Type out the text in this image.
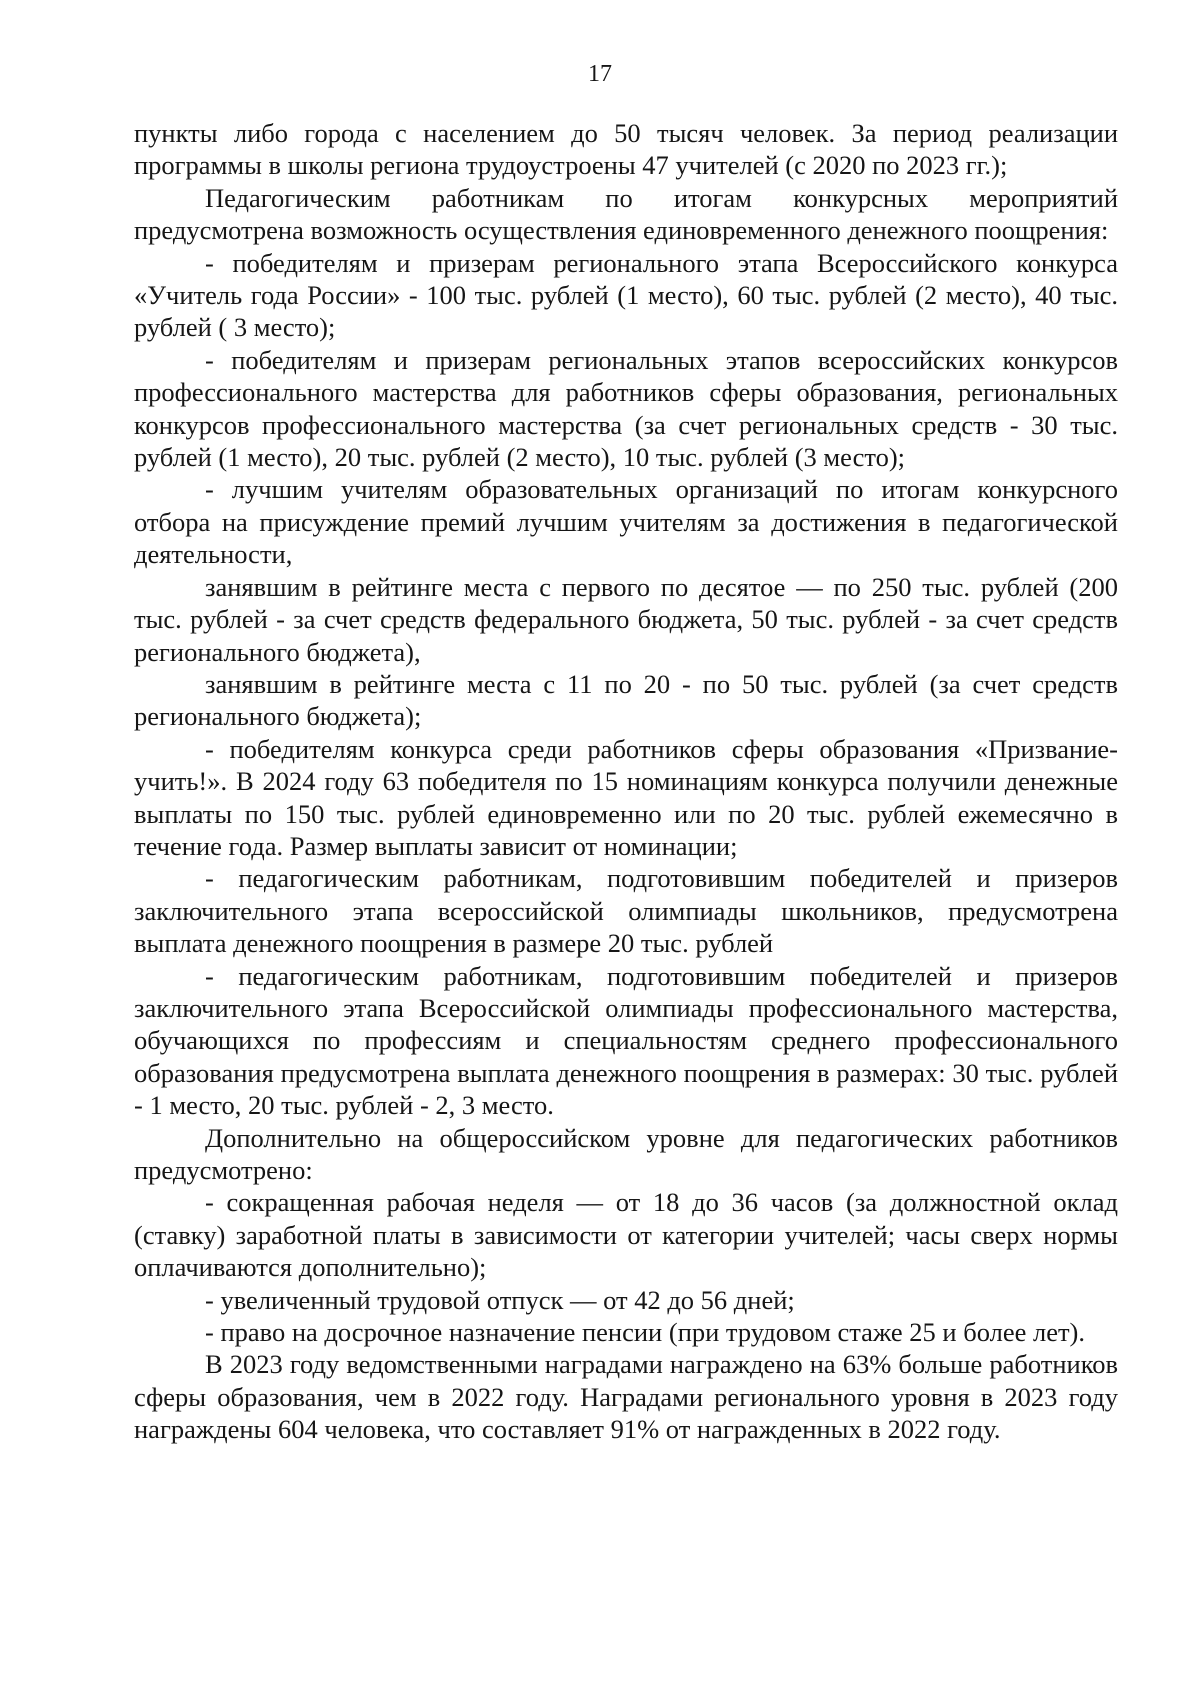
17

пункты либо города с населением до 50 тысяч человек. За период реализации программы в школы региона трудоустроены 47 учителей (с 2020 по 2023 гг.);

Педагогическим работникам по итогам конкурсных мероприятий предусмотрена возможность осуществления единовременного денежного поощрения:

- победителям и призерам регионального этапа Всероссийского конкурса «Учитель года России» - 100 тыс. рублей (1 место), 60 тыс. рублей (2 место), 40 тыс. рублей ( 3 место);

- победителям и призерам региональных этапов всероссийских конкурсов профессионального мастерства для работников сферы образования, региональных конкурсов профессионального мастерства (за счет региональных средств - 30 тыс. рублей (1 место), 20 тыс. рублей (2 место), 10 тыс. рублей (3 место);

- лучшим учителям образовательных организаций по итогам конкурсного отбора на присуждение премий лучшим учителям за достижения в педагогической деятельности,

занявшим в рейтинге места с первого по десятое — по 250 тыс. рублей (200 тыс. рублей - за счет средств федерального бюджета, 50 тыс. рублей - за счет средств регионального бюджета),

занявшим в рейтинге места с 11 по 20 - по 50 тыс. рублей (за счет средств регионального бюджета);

- победителям конкурса среди работников сферы образования «Призвание-учить!». В 2024 году 63 победителя по 15 номинациям конкурса получили денежные выплаты по 150 тыс. рублей единовременно или по 20 тыс. рублей ежемесячно в течение года. Размер выплаты зависит от номинации;

- педагогическим работникам, подготовившим победителей и призеров заключительного этапа всероссийской олимпиады школьников, предусмотрена выплата денежного поощрения в размере 20 тыс. рублей

- педагогическим работникам, подготовившим победителей и призеров заключительного этапа Всероссийской олимпиады профессионального мастерства, обучающихся по профессиям и специальностям среднего профессионального образования предусмотрена выплата денежного поощрения в размерах: 30 тыс. рублей - 1 место, 20 тыс. рублей - 2, 3 место.

Дополнительно на общероссийском уровне для педагогических работников предусмотрено:

- сокращенная рабочая неделя — от 18 до 36 часов (за должностной оклад (ставку) заработной платы в зависимости от категории учителей; часы сверх нормы оплачиваются дополнительно);

- увеличенный трудовой отпуск — от 42 до 56 дней;

- право на досрочное назначение пенсии (при трудовом стаже 25 и более лет).

В 2023 году ведомственными наградами награждено на 63% больше работников сферы образования, чем в 2022 году. Наградами регионального уровня в 2023 году награждены 604 человека, что составляет 91% от награжденных в 2022 году.
